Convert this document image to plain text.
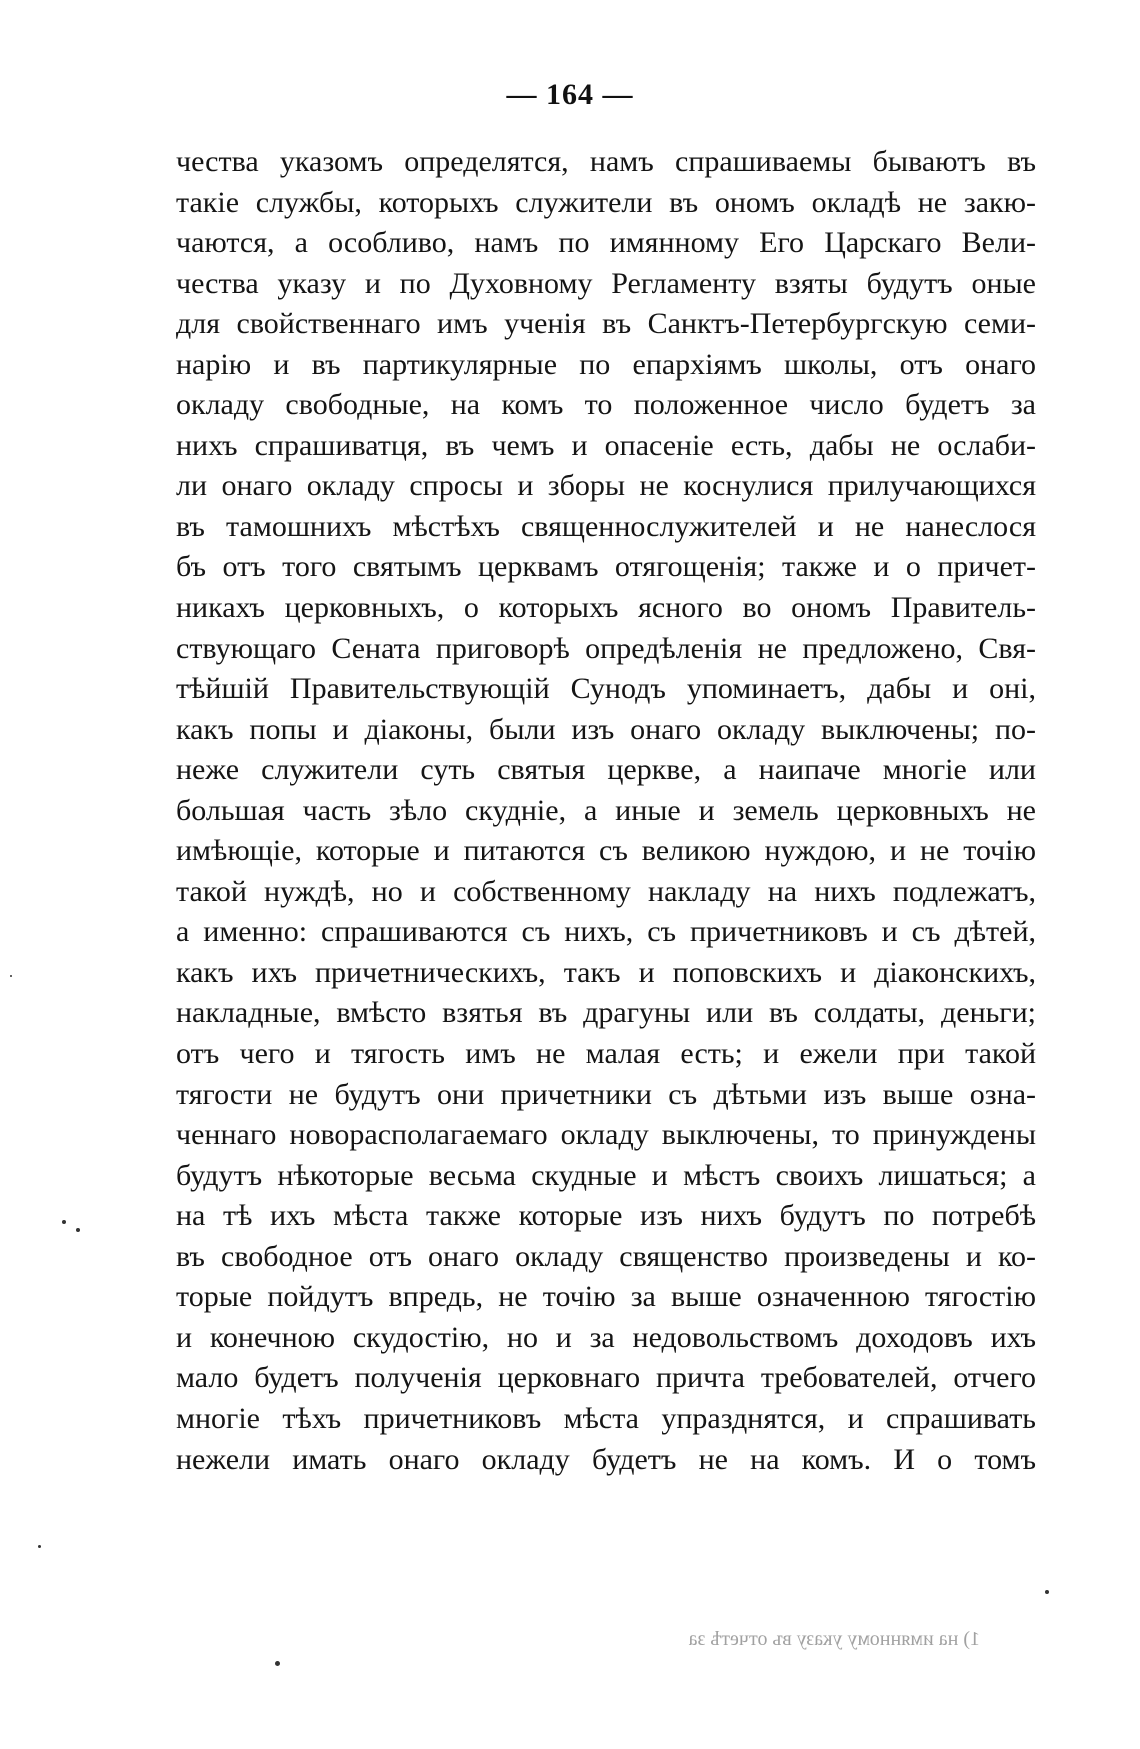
— 164 —
чества указомъ определятся, намъ спрашиваемы бываютъ въ
такіе службы, которыхъ служители въ ономъ окладѣ не закю-
чаются, а особливо, намъ по имянному Его Царскаго Вели-
чества указу и по Духовному Регламенту взяты будутъ оные
для свойственнаго имъ ученія въ Санктъ-Петербургскую семи-
нарію и въ партикулярные по епархіямъ школы, отъ онаго
окладу свободные, на комъ то положенное число будетъ за
нихъ спрашиватця, въ чемъ и опасеніе есть, дабы не ослаби-
ли онаго окладу спросы и зборы не коснулися прилучающихся
въ тамошнихъ мѣстѣхъ священнослужителей и не нанеслося
бъ отъ того святымъ церквамъ отягощенія; также и о причет-
никахъ церковныхъ, о которыхъ ясного во ономъ Правитель-
ствующаго Сената приговорѣ опредѣленія не предложено, Свя-
тѣйшій Правительствующій Сунодъ упоминаетъ, дабы и оні,
какъ попы и діаконы, были изъ онаго окладу выключены; по-
неже служители суть святыя церкве, а наипаче многіе или
большая часть зѣло скудніе, а иные и земель церковныхъ не
имѣющіе, которые и питаются съ великою нуждою, и не точію
такой нуждѣ, но и собственному накладу на нихъ подлежатъ,
а именно: спрашиваются съ нихъ, съ причетниковъ и съ дѣтей,
какъ ихъ причетническихъ, такъ и поповскихъ и діаконскихъ,
накладные, вмѣсто взятья въ драгуны или въ солдаты, деньги;
отъ чего и тягость имъ не малая есть; и ежели при такой
тягости не будутъ они причетники съ дѣтьми изъ выше озна-
ченнаго новорасполагаемаго окладу выключены, то принуждены
будутъ нѣкоторые весьма скудные и мѣстъ своихъ лишаться; а
на тѣ ихъ мѣста также которые изъ нихъ будутъ по потребѣ
въ свободное отъ онаго окладу священство произведены и ко-
торые пойдутъ впредь, не точію за выше означенною тягостію
и конечною скудостію, но и за недовольствомъ доходовъ ихъ
мало будетъ полученія церковнаго причта требователей, отчего
многіе тѣхъ причетниковъ мѣста упразднятся, и спрашивать
нежели имать онаго окладу будетъ не на комъ. И о томъ
1) на имянному указу въ отчетѣ за
